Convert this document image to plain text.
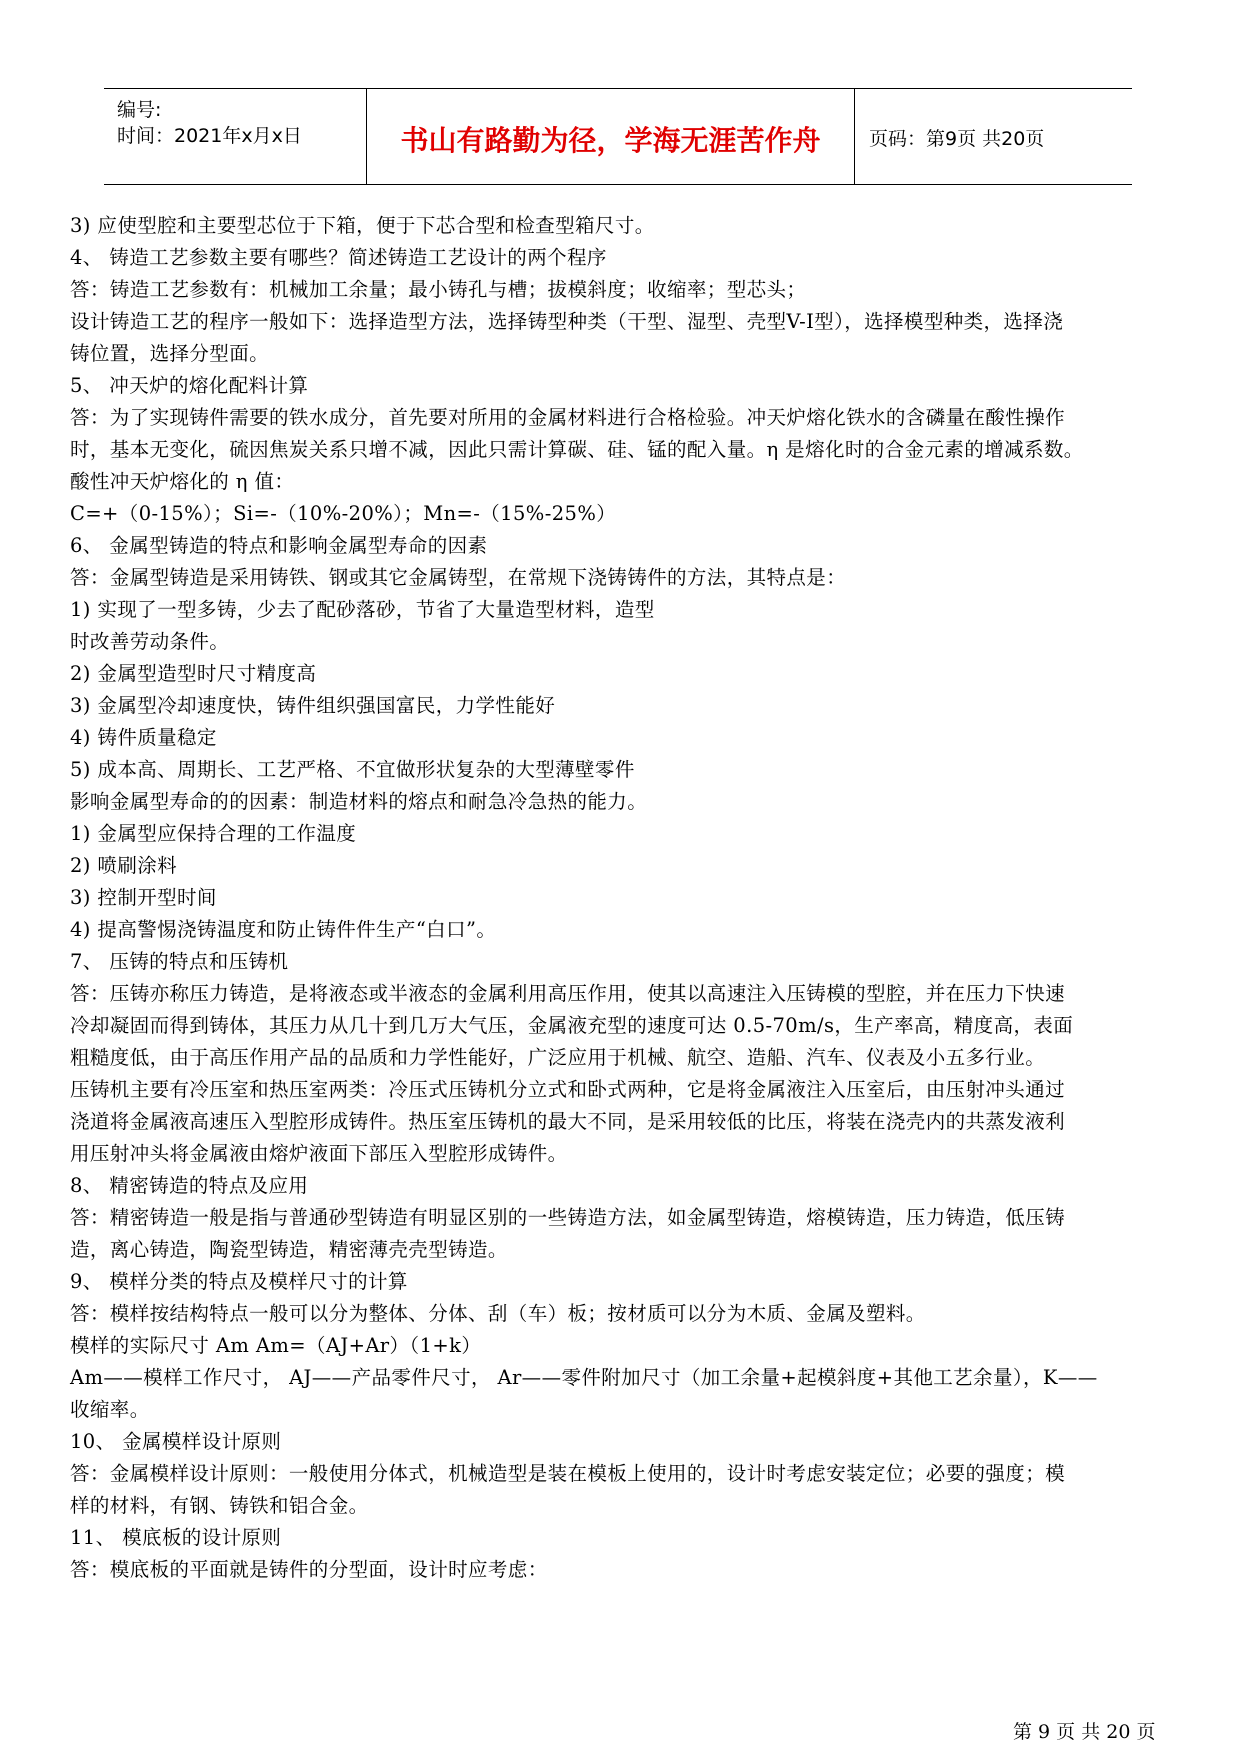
编号:
时间：2021年x月x日	书山有路勤为径，学海无涯苦作舟	页码：第9页 共20页
3) 应使型腔和主要型芯位于下箱，便于下芯合型和检查型箱尺寸。
4、 铸造工艺参数主要有哪些？简述铸造工艺设计的两个程序
答：铸造工艺参数有：机械加工余量；最小铸孔与槽；拔模斜度；收缩率；型芯头；
设计铸造工艺的程序一般如下：选择造型方法，选择铸型种类（干型、湿型、壳型V-I型），选择模型种类，选择浇
铸位置，选择分型面。
5、 冲天炉的熔化配料计算
答：为了实现铸件需要的铁水成分，首先要对所用的金属材料进行合格检验。冲天炉熔化铁水的含磷量在酸性操作
时，基本无变化，硫因焦炭关系只增不减，因此只需计算碳、硅、锰的配入量。η 是熔化时的合金元素的增减系数。
酸性冲天炉熔化的 η 值：
C=+（0-15%）；Si=-（10%-20%）；Mn=-（15%-25%）
6、 金属型铸造的特点和影响金属型寿命的因素
答：金属型铸造是采用铸铁、钢或其它金属铸型，在常规下浇铸铸件的方法，其特点是：
1) 实现了一型多铸，少去了配砂落砂，节省了大量造型材料，造型
时改善劳动条件。
2) 金属型造型时尺寸精度高
3) 金属型冷却速度快，铸件组织强国富民，力学性能好
4) 铸件质量稳定
5) 成本高、周期长、工艺严格、不宜做形状复杂的大型薄壁零件
影响金属型寿命的的因素：制造材料的熔点和耐急冷急热的能力。
1) 金属型应保持合理的工作温度
2) 喷刷涂料
3) 控制开型时间
4) 提高警惕浇铸温度和防止铸件件生产“白口”。
7、 压铸的特点和压铸机
答：压铸亦称压力铸造，是将液态或半液态的金属利用高压作用，使其以高速注入压铸模的型腔，并在压力下快速
冷却凝固而得到铸体，其压力从几十到几万大气压，金属液充型的速度可达 0.5-70m/s，生产率高，精度高，表面
粗糙度低，由于高压作用产品的品质和力学性能好，广泛应用于机械、航空、造船、汽车、仪表及小五多行业。
压铸机主要有冷压室和热压室两类：冷压式压铸机分立式和卧式两种，它是将金属液注入压室后，由压射冲头通过
浇道将金属液高速压入型腔形成铸件。热压室压铸机的最大不同，是采用较低的比压，将装在浇壳内的共蒸发液利
用压射冲头将金属液由熔炉液面下部压入型腔形成铸件。
8、 精密铸造的特点及应用
答：精密铸造一般是指与普通砂型铸造有明显区别的一些铸造方法，如金属型铸造，熔模铸造，压力铸造，低压铸
造，离心铸造，陶瓷型铸造，精密薄壳壳型铸造。
9、 模样分类的特点及模样尺寸的计算
答：模样按结构特点一般可以分为整体、分体、刮（车）板；按材质可以分为木质、金属及塑料。
模样的实际尺寸 Am Am=（AJ+Ar）（1+k）
Am——模样工作尺寸， AJ——产品零件尺寸， Ar——零件附加尺寸（加工余量+起模斜度+其他工艺余量），K——
收缩率。
10、 金属模样设计原则
答：金属模样设计原则：一般使用分体式，机械造型是装在模板上使用的，设计时考虑安装定位；必要的强度；模
样的材料，有钢、铸铁和铝合金。
11、 模底板的设计原则
答：模底板的平面就是铸件的分型面，设计时应考虑：
第 9 页 共 20 页
